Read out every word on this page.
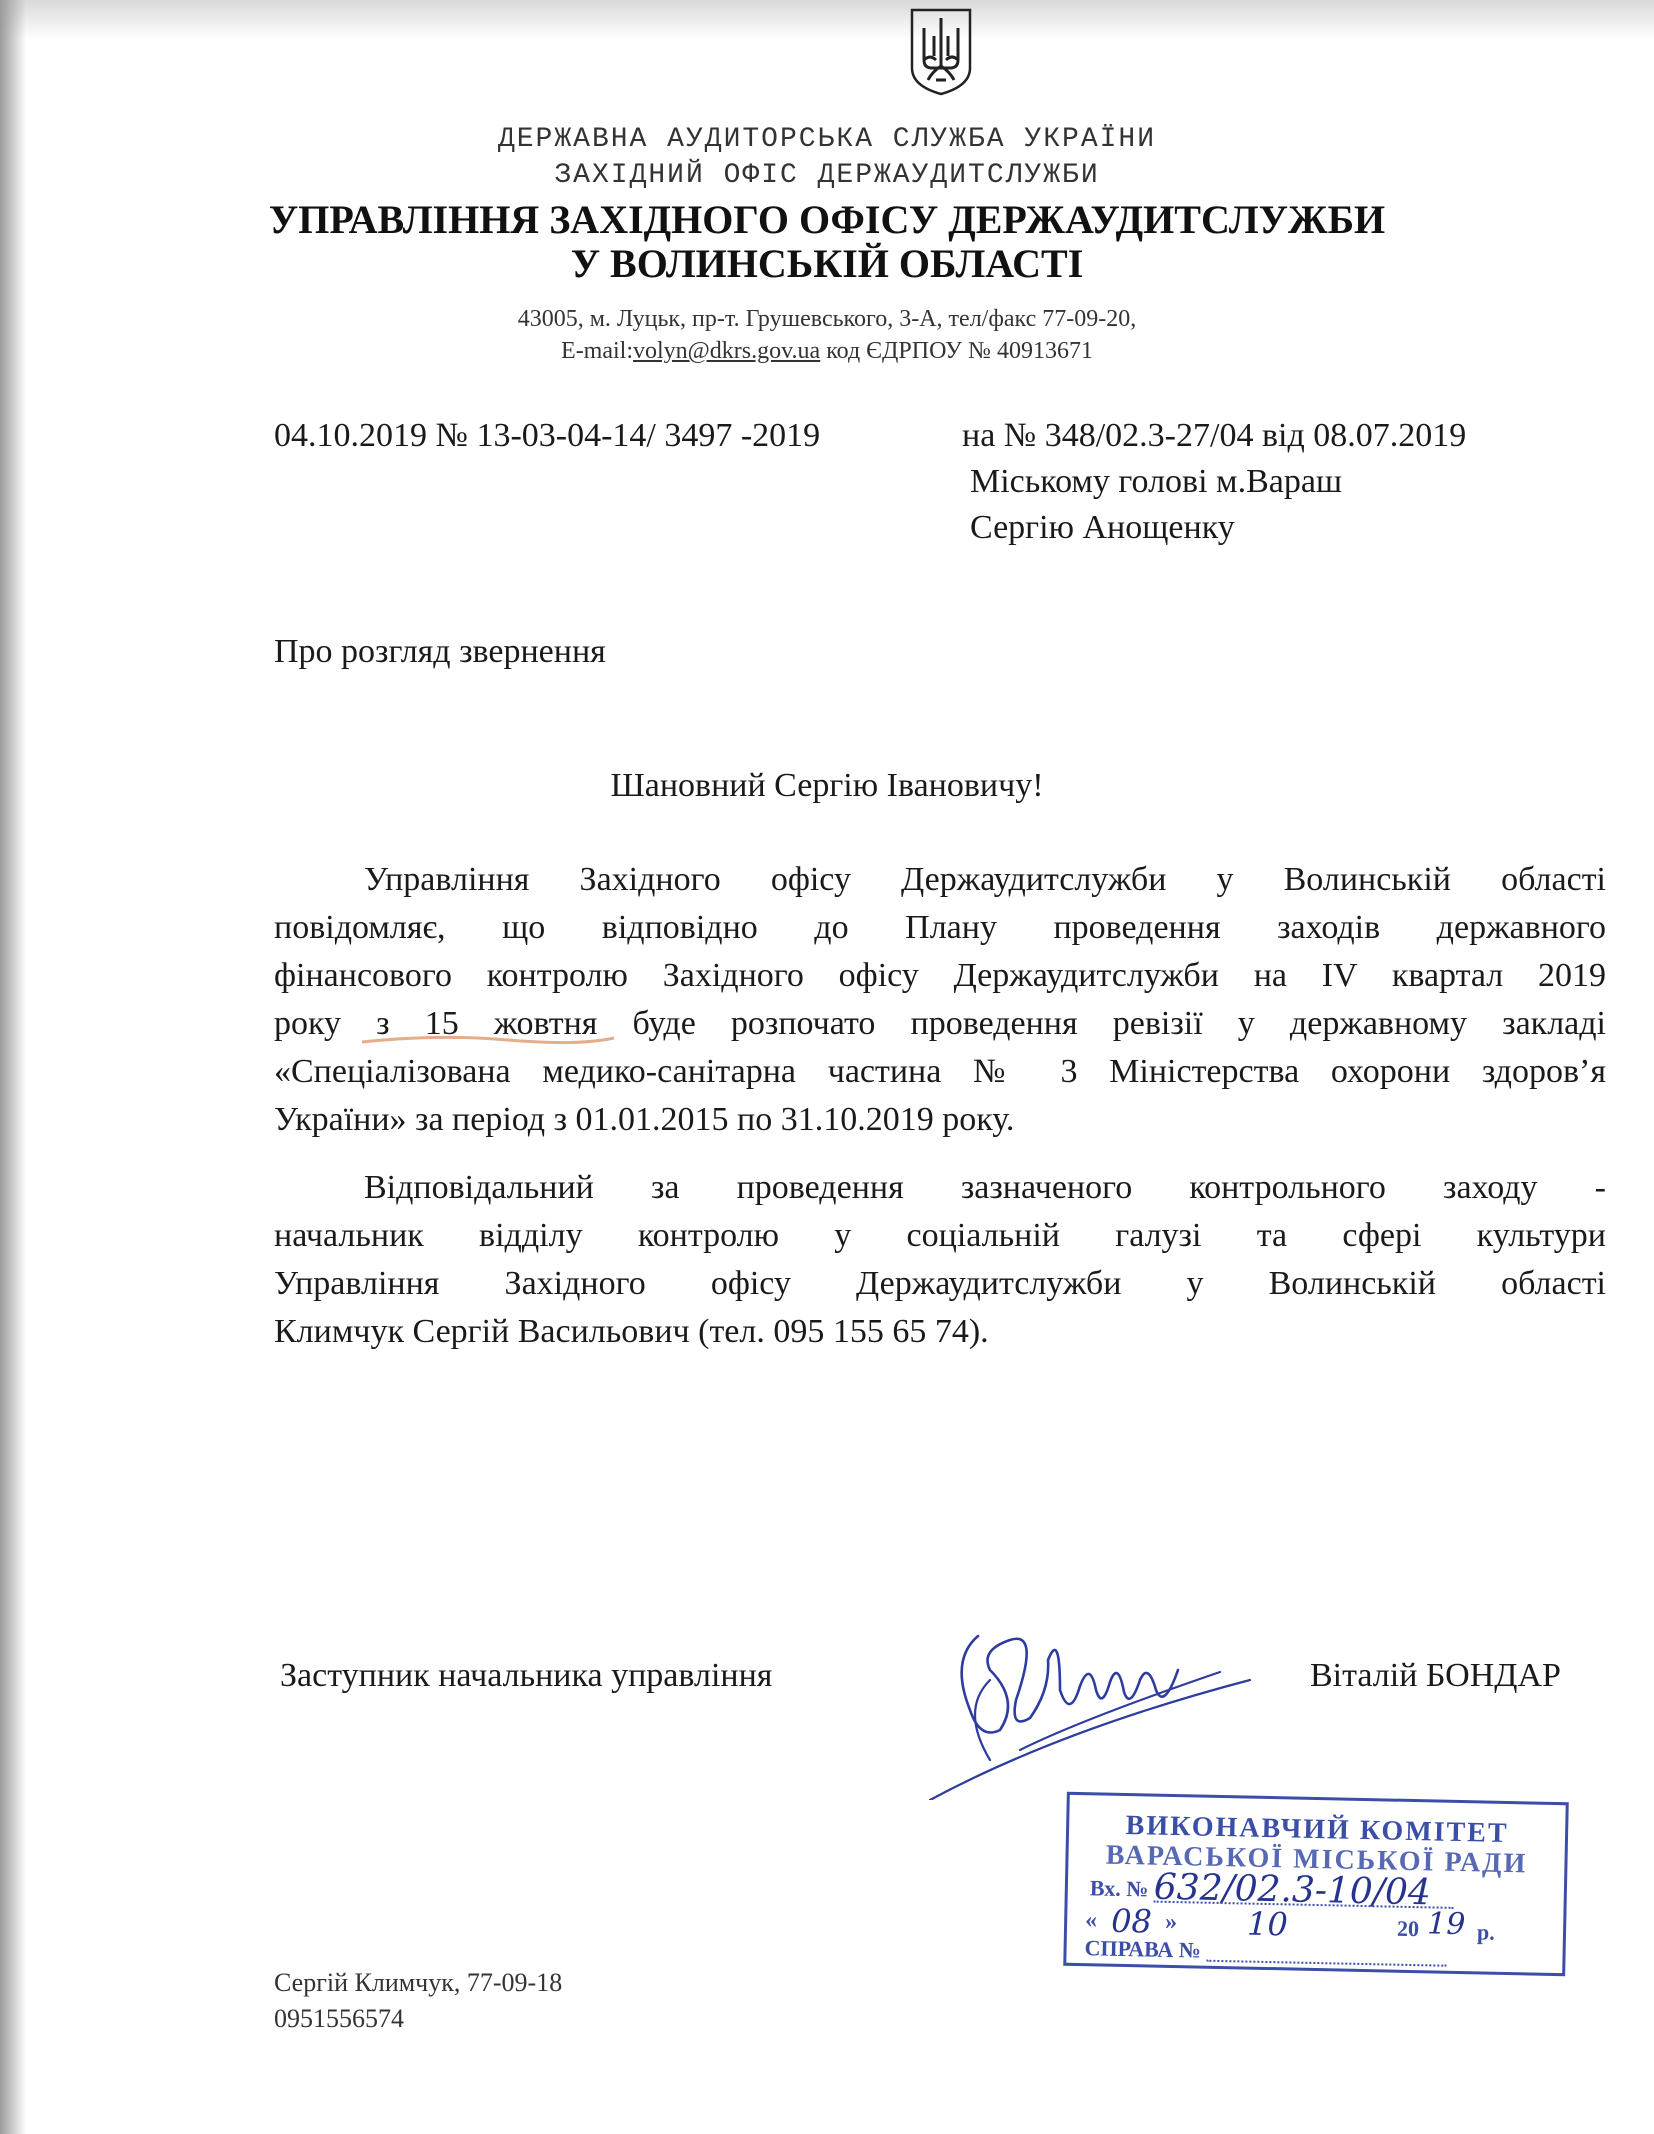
ДЕРЖАВНА АУДИТОРСЬКА СЛУЖБА УКРАЇНИ
ЗАХІДНИЙ ОФІС ДЕРЖАУДИТСЛУЖБИ
УПРАВЛІННЯ ЗАХІДНОГО ОФІСУ ДЕРЖАУДИТСЛУЖБИ
У ВОЛИНСЬКІЙ ОБЛАСТІ
43005, м. Луцьк, пр-т. Грушевського, 3-А, тел/факс 77-09-20,
E-mail:volyn@dkrs.gov.ua код ЄДРПОУ № 40913671
04.10.2019 № 13-03-04-14/ 3497 -2019	на № 348/02.3-27/04 від 08.07.2019
Міському голові м.Вараш
Сергію Анощенку
Про розгляд звернення
Шановний Сергію Івановичу!
Управління Західного офісу Держаудитслужби у Волинській області
повідомляє, що відповідно до Плану проведення заходів державного
фінансового контролю Західного офісу Держаудитслужби на IV квартал 2019
року з 15 жовтня буде розпочато проведення ревізії у державному закладі
«Спеціалізована медико-санітарна частина № 3 Міністерства охорони здоров’я
України» за період з 01.01.2015 по 31.10.2019 року.
Відповідальний за проведення зазначеного контрольного заходу -
начальник відділу контролю у соціальній галузі та сфері культури
Управління Західного офісу Держаудитслужби у Волинській області
Климчук Сергій Васильович (тел. 095 155 65 74).
Заступник начальника управління	Віталій БОНДАР
ВИКОНАВЧИЙ КОМІТЕТ
ВАРАСЬКОЇ МІСЬКОЇ РАДИ
Вх. № 632/02.3-10/04
« 08 » 10	20 19 р.
СПРАВА №
Сергій Климчук, 77-09-18
0951556574
